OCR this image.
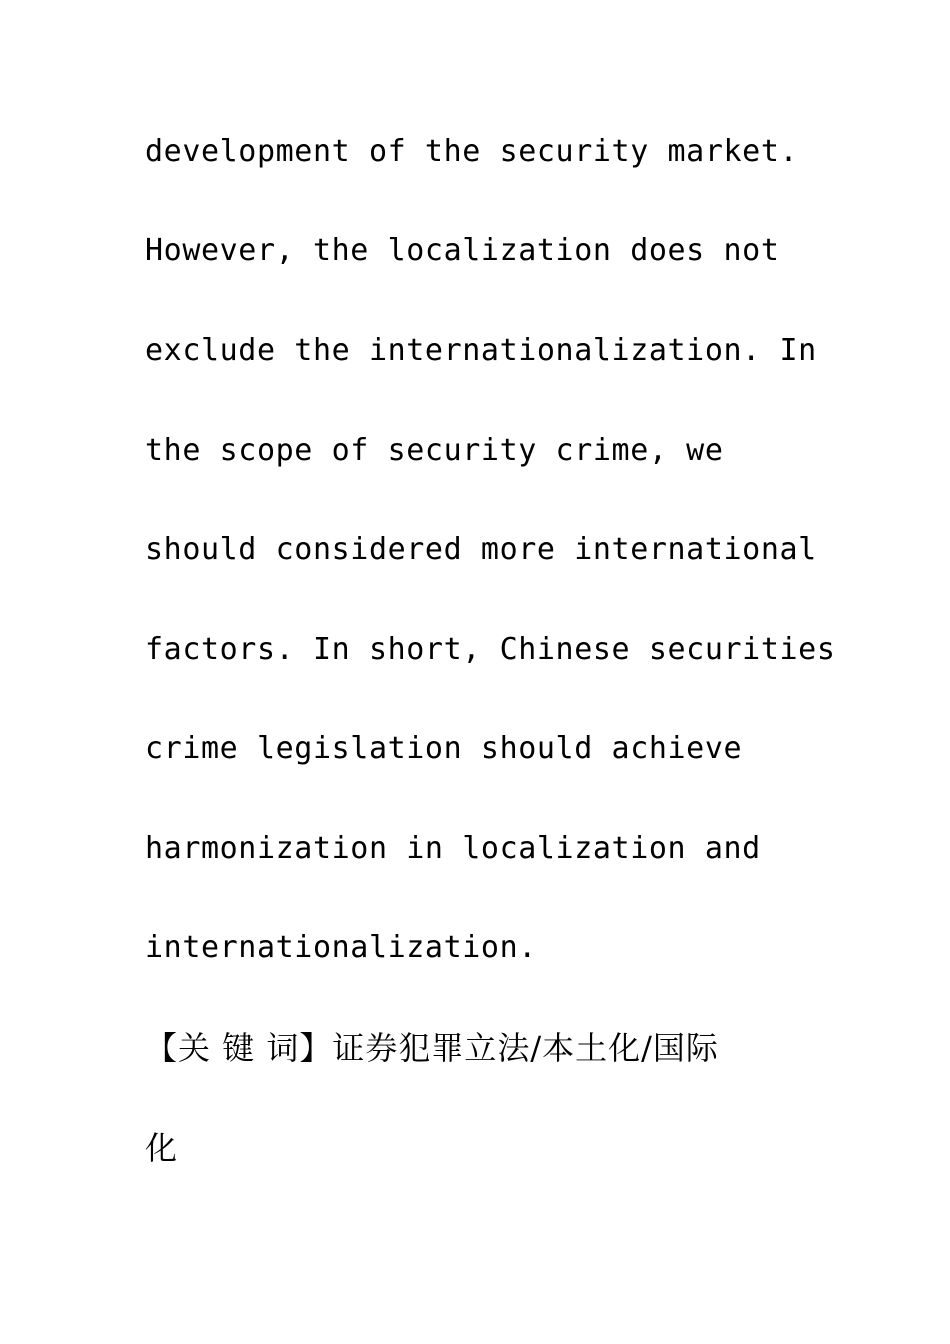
development of the security market.
However, the localization does not
exclude the internationalization. In
the scope of security crime, we
should considered more international
factors. In short, Chinese securities
crime legislation should achieve
harmonization in localization and
internationalization.
【关 键 词】证券犯罪立法/本土化/国际
化
